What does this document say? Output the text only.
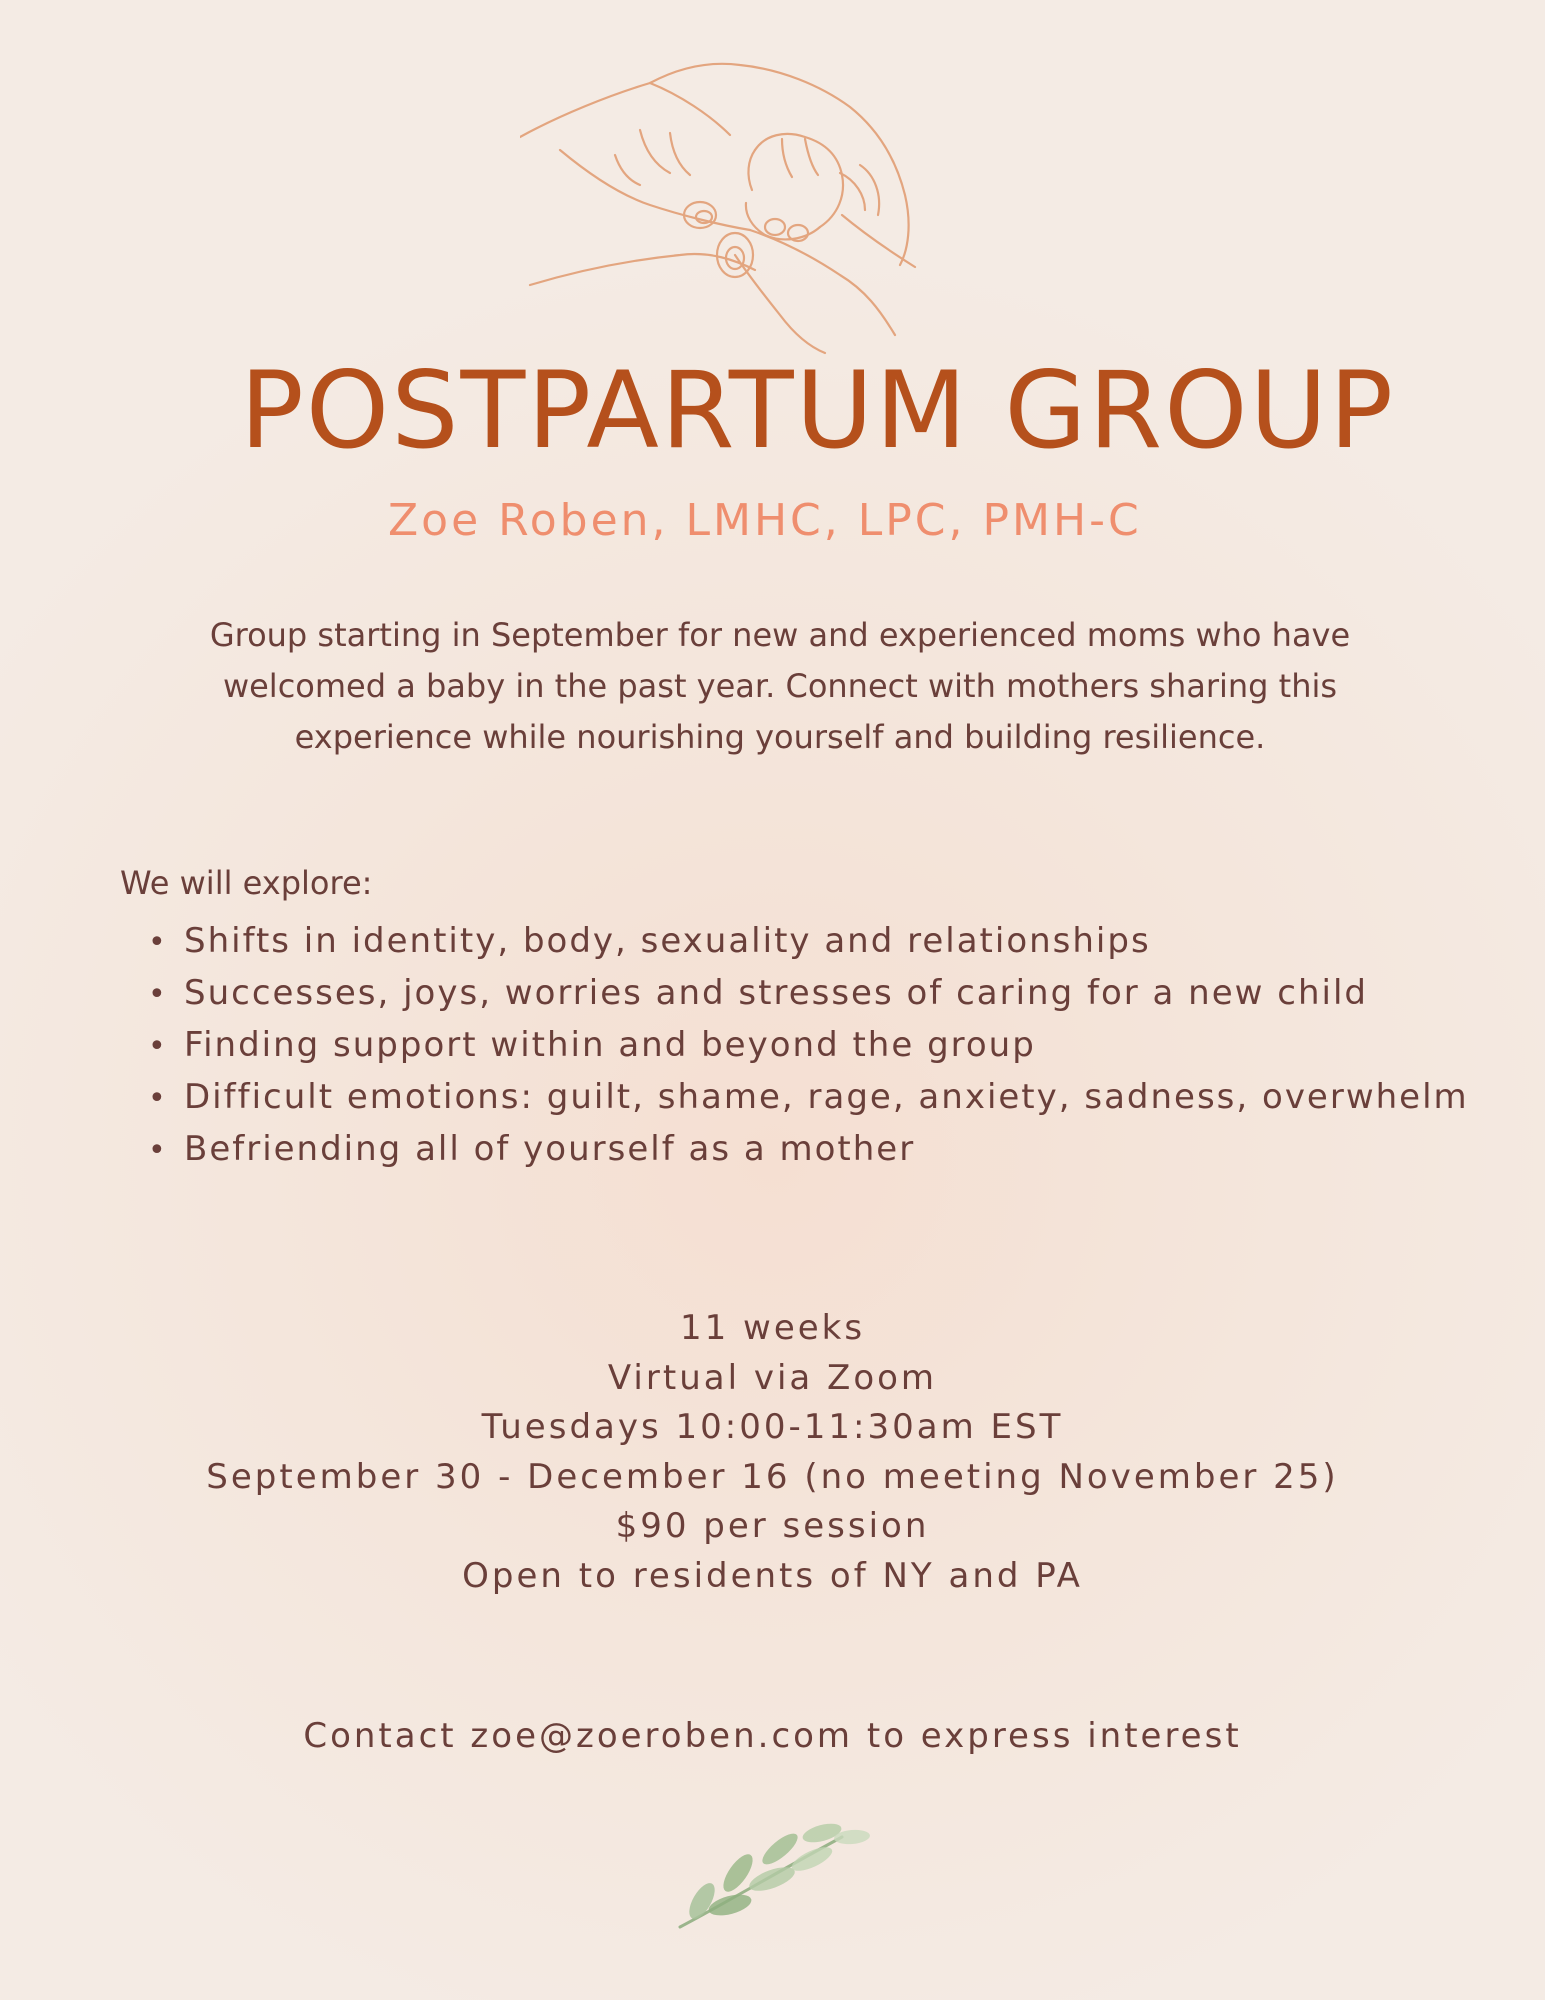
POSTPARTUM GROUP
Zoe Roben, LMHC, LPC, PMH-C
Group starting in September for new and experienced moms who have
welcomed a baby in the past year. Connect with mothers sharing this
experience while nourishing yourself and building resilience.
We will explore:
• Shifts in identity, body, sexuality and relationships
• Successes, joys, worries and stresses of caring for a new child
• Finding support within and beyond the group
• Difficult emotions: guilt, shame, rage, anxiety, sadness, overwhelm
• Befriending all of yourself as a mother
11 weeks
Virtual via Zoom
Tuesdays 10:00-11:30am EST
September 30 - December 16 (no meeting November 25)
$90 per session
Open to residents of NY and PA
Contact zoe@zoeroben.com to express interest
